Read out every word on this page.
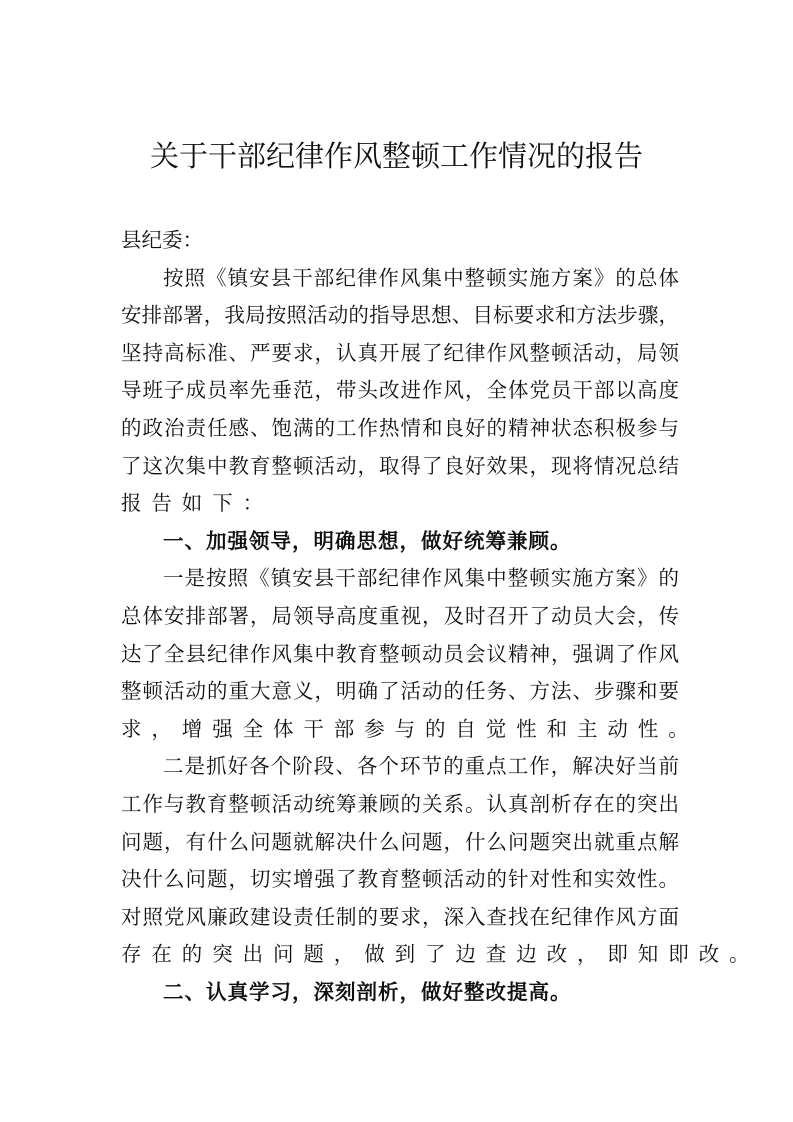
关于干部纪律作风整顿工作情况的报告
县纪委：
按照《镇安县干部纪律作风集中整顿实施方案》的总体
安排部署，我局按照活动的指导思想、目标要求和方法步骤，
坚持高标准、严要求，认真开展了纪律作风整顿活动，局领
导班子成员率先垂范，带头改进作风，全体党员干部以高度
的政治责任感、饱满的工作热情和良好的精神状态积极参与
了这次集中教育整顿活动，取得了良好效果，现将情况总结
报告如下：
一、加强领导，明确思想，做好统筹兼顾。
一是按照《镇安县干部纪律作风集中整顿实施方案》的
总体安排部署，局领导高度重视，及时召开了动员大会，传
达了全县纪律作风集中教育整顿动员会议精神，强调了作风
整顿活动的重大意义，明确了活动的任务、方法、步骤和要
求，增强全体干部参与的自觉性和主动性。
二是抓好各个阶段、各个环节的重点工作，解决好当前
工作与教育整顿活动统筹兼顾的关系。认真剖析存在的突出
问题，有什么问题就解决什么问题，什么问题突出就重点解
决什么问题，切实增强了教育整顿活动的针对性和实效性。
对照党风廉政建设责任制的要求，深入查找在纪律作风方面
存在的突出问题，做到了边查边改，即知即改。
二、认真学习，深刻剖析，做好整改提高。
